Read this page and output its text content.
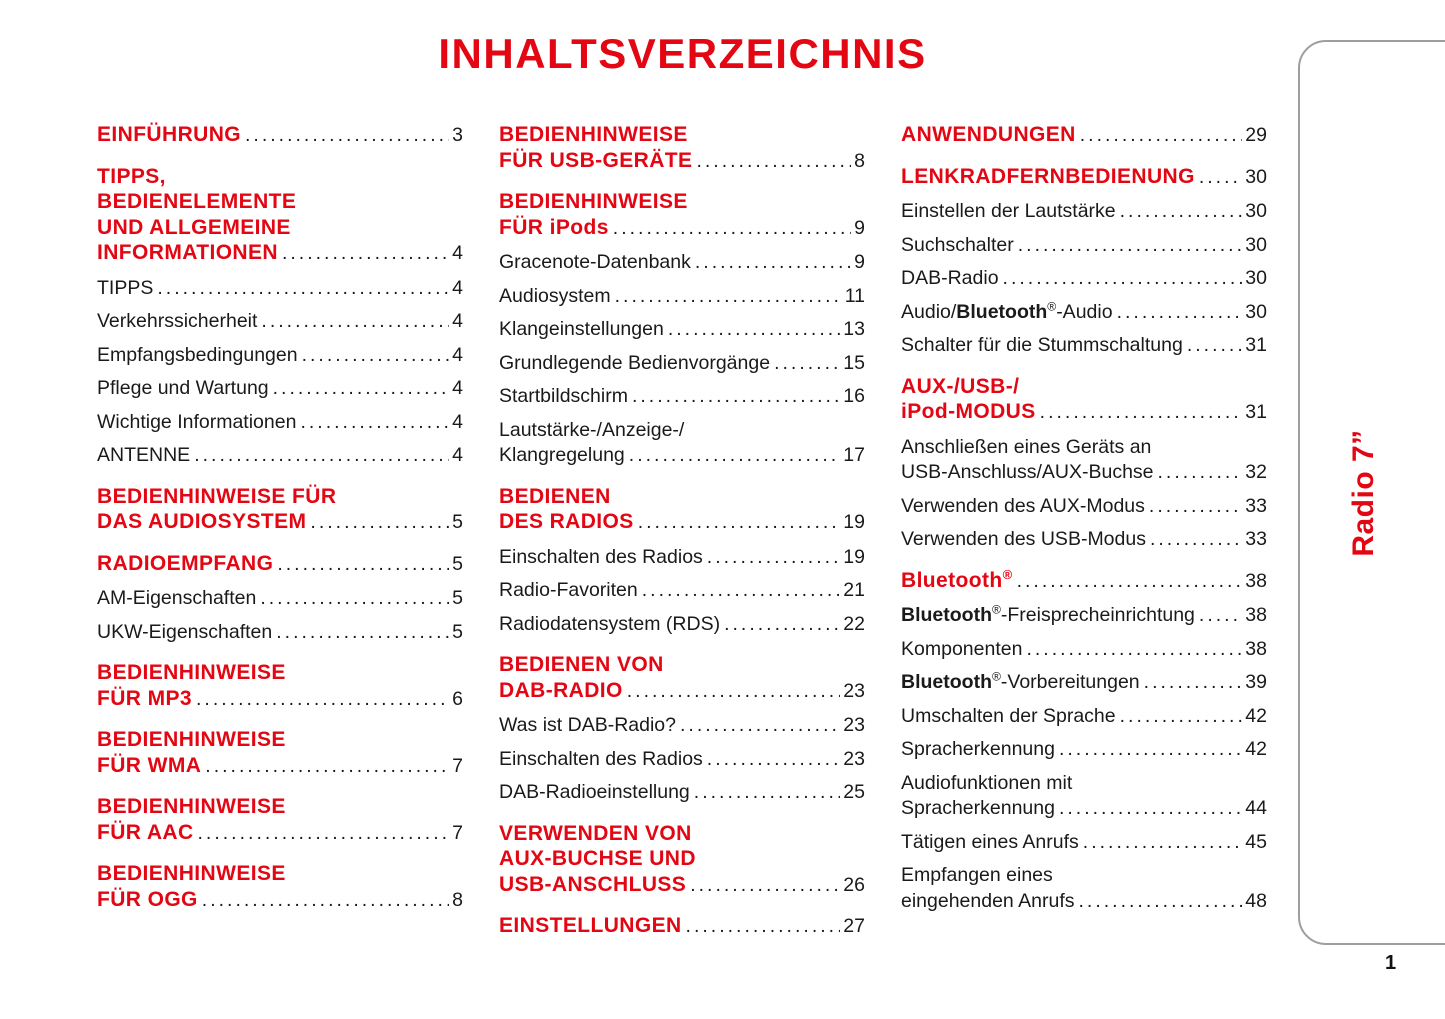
INHALTSVERZEICHNIS
EINFÜHRUNG .....	3
TIPPS,
BEDIENELEMENTE
UND ALLGEMEINE
INFORMATIONEN .....	4
TIPPS .....	4
Verkehrssicherheit .....	4
Empfangsbedingungen .....	4
Pflege und Wartung .....	4
Wichtige Informationen .....	4
ANTENNE .....	4
BEDIENHINWEISE FÜR
DAS AUDIOSYSTEM .....	5
RADIOEMPFANG .....	5
AM-Eigenschaften .....	5
UKW-Eigenschaften .....	5
BEDIENHINWEISE
FÜR MP3 .....	6
BEDIENHINWEISE
FÜR WMA .....	7
BEDIENHINWEISE
FÜR AAC .....	7
BEDIENHINWEISE
FÜR OGG .....	8
BEDIENHINWEISE
FÜR USB-GERÄTE .....	8
BEDIENHINWEISE
FÜR iPods .....	9
Gracenote-Datenbank .....	9
Audiosystem .....	11
Klangeinstellungen .....	13
Grundlegende Bedienvorgänge .....	15
Startbildschirm .....	16
Lautstärke-/Anzeige-/
Klangregelung .....	17
BEDIENEN
DES RADIOS .....	19
Einschalten des Radios .....	19
Radio-Favoriten .....	21
Radiodatensystem (RDS) .....	22
BEDIENEN VON
DAB-RADIO .....	23
Was ist DAB-Radio? .....	23
Einschalten des Radios .....	23
DAB-Radioeinstellung .....	25
VERWENDEN VON
AUX-BUCHSE UND
USB-ANSCHLUSS .....	26
EINSTELLUNGEN .....	27
ANWENDUNGEN .....	29
LENKRADFERNBEDIENUNG .....	30
Einstellen der Lautstärke .....	30
Suchschalter .....	30
DAB-Radio .....	30
Audio/Bluetooth®-Audio .....	30
Schalter für die Stummschaltung .....	31
AUX-/USB-/
iPod-MODUS .....	31
Anschließen eines Geräts an
USB-Anschluss/AUX-Buchse .....	32
Verwenden des AUX-Modus .....	33
Verwenden des USB-Modus .....	33
Bluetooth® .....	38
Bluetooth®-Freisprecheinrichtung .....	38
Komponenten .....	38
Bluetooth®-Vorbereitungen .....	39
Umschalten der Sprache .....	42
Spracherkennung .....	42
Audiofunktionen mit
Spracherkennung .....	44
Tätigen eines Anrufs .....	45
Empfangen eines
eingehenden Anrufs .....	48
Radio 7”
1
